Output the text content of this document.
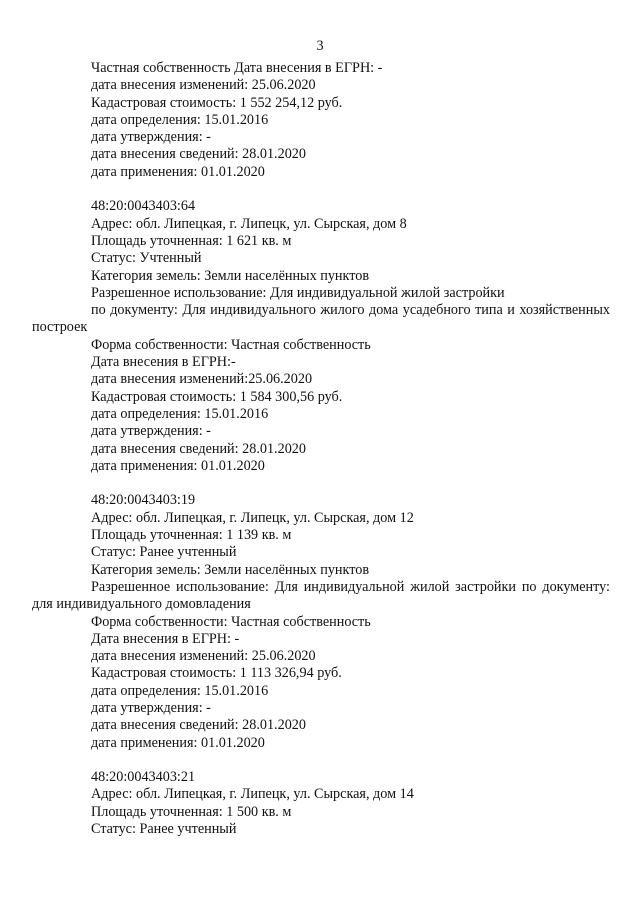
3
Частная собственность Дата внесения в ЕГРН: -
дата внесения изменений: 25.06.2020
Кадастровая стоимость: 1 552 254,12 руб.
дата определения: 15.01.2016
дата утверждения: -
дата внесения сведений: 28.01.2020
дата применения: 01.01.2020
48:20:0043403:64
Адрес: обл. Липецкая, г. Липецк, ул. Сырская, дом 8
Площадь уточненная: 1 621 кв. м
Статус: Учтенный
Категория земель: Земли населённых пунктов
Разрешенное использование: Для индивидуальной жилой застройки

по документу: Для индивидуального жилого дома усадебного типа и хозяйственных построек

Форма собственности: Частная собственность
Дата внесения в ЕГРН:-
дата внесения изменений:25.06.2020
Кадастровая стоимость: 1 584 300,56 руб.
дата определения: 15.01.2016
дата утверждения: -
дата внесения сведений: 28.01.2020
дата применения: 01.01.2020
48:20:0043403:19
Адрес: обл. Липецкая, г. Липецк, ул. Сырская, дом 12
Площадь уточненная: 1 139 кв. м
Статус: Ранее учтенный
Категория земель: Земли населённых пунктов

Разрешенное использование: Для индивидуальной жилой застройки по документу: для индивидуального домовладения

Форма собственности: Частная собственность
Дата внесения в ЕГРН: -
дата внесения изменений: 25.06.2020
Кадастровая стоимость: 1 113 326,94 руб.
дата определения: 15.01.2016
дата утверждения: -
дата внесения сведений: 28.01.2020
дата применения: 01.01.2020
48:20:0043403:21
Адрес: обл. Липецкая, г. Липецк, ул. Сырская, дом 14
Площадь уточненная: 1 500 кв. м
Статус: Ранее учтенный
